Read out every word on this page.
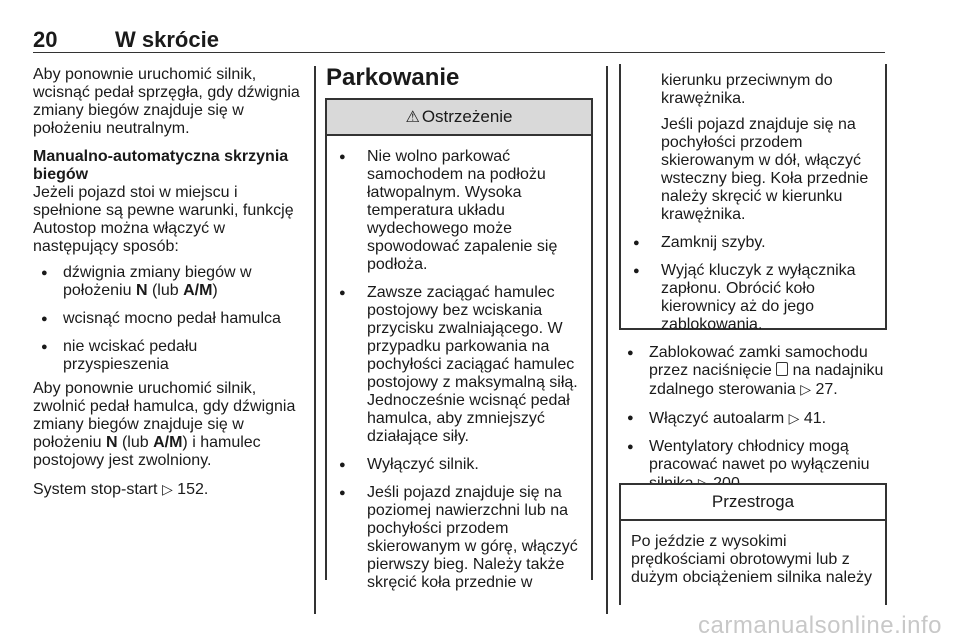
20	W skrócie

Aby ponownie uruchomić silnik, wcisnąć pedał sprzęgła, gdy dźwignia zmiany biegów znajduje się w położeniu neutralnym.

Manualno-automatyczna skrzynia biegów

Jeżeli pojazd stoi w miejscu i spełnione są pewne warunki, funkcję Autostop można włączyć w następujący sposób:

● dźwignia zmiany biegów w położeniu N (lub A/M)
● wcisnąć mocno pedał hamulca
● nie wciskać pedału przyspieszenia

Aby ponownie uruchomić silnik, zwolnić pedał hamulca, gdy dźwignia zmiany biegów znajduje się w położeniu N (lub A/M) i hamulec postojowy jest zwolniony.

System stop-start ▷ 152.

Parkowanie
⚠ Ostrzeżenie
● Nie wolno parkować samochodem na podłożu łatwopalnym. Wysoka temperatura układu wydechowego może spowodować zapalenie się podłoża.
● Zawsze zaciągać hamulec postojowy bez wciskania przycisku zwalniającego. W przypadku parkowania na pochyłości zaciągać hamulec postojowy z maksymalną siłą. Jednocześnie wcisnąć pedał hamulca, aby zmniejszyć działające siły.
● Wyłączyć silnik.
● Jeśli pojazd znajduje się na poziomej nawierzchni lub na pochyłości przodem skierowanym w górę, włączyć pierwszy bieg. Należy także skręcić koła przednie w

kierunku przeciwnym do krawężnika.

Jeśli pojazd znajduje się na pochyłości przodem skierowanym w dół, włączyć wsteczny bieg. Koła przednie należy skręcić w kierunku krawężnika.

● Zamknij szyby.
● Wyjąć kluczyk z wyłącznika zapłonu. Obrócić koło kierownicy aż do jego zablokowania.
● Zablokować zamki samochodu przez naciśnięcie na nadajniku zdalnego sterowania ▷ 27.
● Włączyć autoalarm ▷ 41.
● Wentylatory chłodnicy mogą pracować nawet po wyłączeniu
Przestroga
Po jeździe z wysokimi prędkościami obrotowymi lub z dużym obciążeniem silnika należy
carmanualsonline.info
